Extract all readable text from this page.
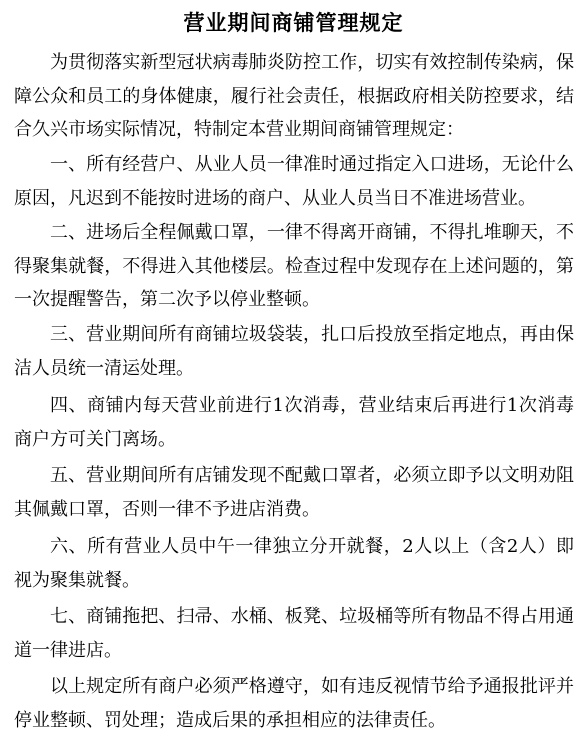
营业期间商铺管理规定

为贯彻落实新型冠状病毒肺炎防控工作，切实有效控制传染病，保障公众和员工的身体健康，履行社会责任，根据政府相关防控要求，结合久兴市场实际情况，特制定本营业期间商铺管理规定：

一、所有经营户、从业人员一律准时通过指定入口进场，无论什么原因，凡迟到不能按时进场的商户、从业人员当日不准进场营业。

二、进场后全程佩戴口罩，一律不得离开商铺，不得扎堆聊天，不得聚集就餐，不得进入其他楼层。检查过程中发现存在上述问题的，第一次提醒警告，第二次予以停业整顿。

三、营业期间所有商铺垃圾袋装，扎口后投放至指定地点，再由保洁人员统一清运处理。

四、商铺内每天营业前进行1次消毒，营业结束后再进行1次消毒商户方可关门离场。

五、营业期间所有店铺发现不配戴口罩者，必须立即予以文明劝阻其佩戴口罩，否则一律不予进店消费。

六、所有营业人员中午一律独立分开就餐，2人以上（含2人）即视为聚集就餐。

七、商铺拖把、扫帚、水桶、板凳、垃圾桶等所有物品不得占用通道一律进店。

以上规定所有商户必须严格遵守，如有违反视情节给予通报批评并停业整顿、罚处理；造成后果的承担相应的法律责任。
